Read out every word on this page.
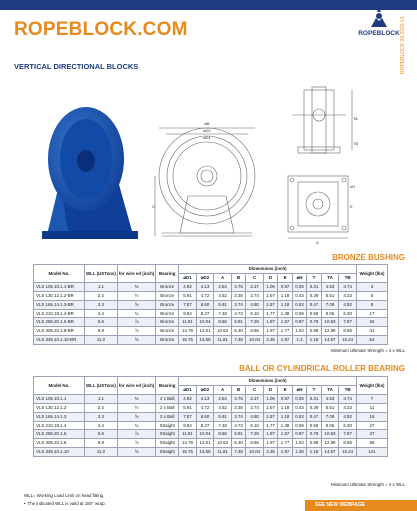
ROPEBLOCK.COM	ROPEBLOCK ROPEBLOCK 09.2020 V1
VERTICAL DIRECTIONAL BLOCKS
⌀B
⌀D2
⌀D1
C
TA
TB
A
eH
E
BRONZE BUSHING
Model No.	WLL (USTons)	for wire ed (inch)	Bearing	Dimensions (inch)											Weight (lbs)
				⌀D1	⌀D2	A	B	C	D	E	⌀H	T	TA	TB	
VLS 105.10.1.1-BR	1.1	⅜	Bronze	4.92	4.13	2.54	2.76	2.27	1.06	0.87	0.35	0.31	4.53	3.74	3
VLS 130.12.1.2-BR	2.2	½	Bronze	5.91	4.72	4.52	3.35	2.74	1.57	1.18	0.43	0.39	5.51	4.33	5
VLS 165.14.1.3-BR	3.3	⅝	Bronze	7.87	6.50	5.91	3.74	4.80	1.57	1.18	0.53	0.47	7.09	4.92	8
VLS 210.18.1.4-BR	4.4	¾	Bronze	9.84	8.27	7.48	4.73	6.10	1.77	1.38	0.69	0.59	9.06	6.30	17
VLS 255.20.1.6-BR	6.6	⅞	Bronze	11.81	10.04	8.66	5.91	7.28	1.97	1.57	0.87	0.79	10.63	7.87	26
VLS 305.22.1.8-BR	8.8	⅞	Bronze	13.78	12.01	10.63	6.30	8.66	1.97	1.77	1.02	0.98	12.99	8.66	41
VLS 345.24.1.10-BR	11.0	⅝	Bronze	15.75	13.58	11.81	7.48	10.04	2.36	1.97	1.2	1.18	14.57	10.24	64
Minimum Ultimate Strength = 4 x WLL
BALL OR CYLINDRICAL ROLLER BEARING
Model No.	WLL (USTons)	for wire ed (inch)	Bearing	Dimensions (inch)											Weight (lbs)
				⌀D1	⌀D2	A	B	C	D	E	⌀H	T	TA	TB	
VLS 105.10.1.1	1.1	⅜	2 x Ball	4.92	4.13	2.54	2.76	2.27	1.06	0.87	0.35	0.31	4.53	3.74	7
VLS 130.12.1.2	2.2	½	2 x Ball	5.91	4.72	4.52	3.35	2.74	1.57	1.18	0.43	0.39	5.51	4.33	11
VLS 165.14.1.3	3.3	⅝	2 x Ball	7.87	6.50	5.91	3.74	4.80	1.57	1.18	0.53	0.47	7.09	4.92	18
VLS 210.18.1.4	4.4	¾	Straight	9.84	8.27	7.48	4.73	6.10	1.77	1.38	0.69	0.59	9.06	6.30	27
VLS 255.20.1.6	6.6	⅞	Straight	11.81	10.04	8.66	5.91	7.28	1.97	1.57	0.87	0.79	10.63	7.87	37
VLS 305.22.1.8	8.8	⅞	Straight	13.78	12.01	10.63	6.30	8.66	1.97	1.77	1.02	0.98	12.99	8.66	56
VLS 345.24.1.10	11.0	⅝	Straight	15.75	13.58	11.81	7.48	10.04	2.36	1.97	1.36	1.18	14.57	10.24	141
Minimum Ultimate Strength = 4 x WLL
WLL= Working Load Limit on head fitting.
• The indicated WLL is valid at 180° wrap.	SEE NEW WEBPAGE
